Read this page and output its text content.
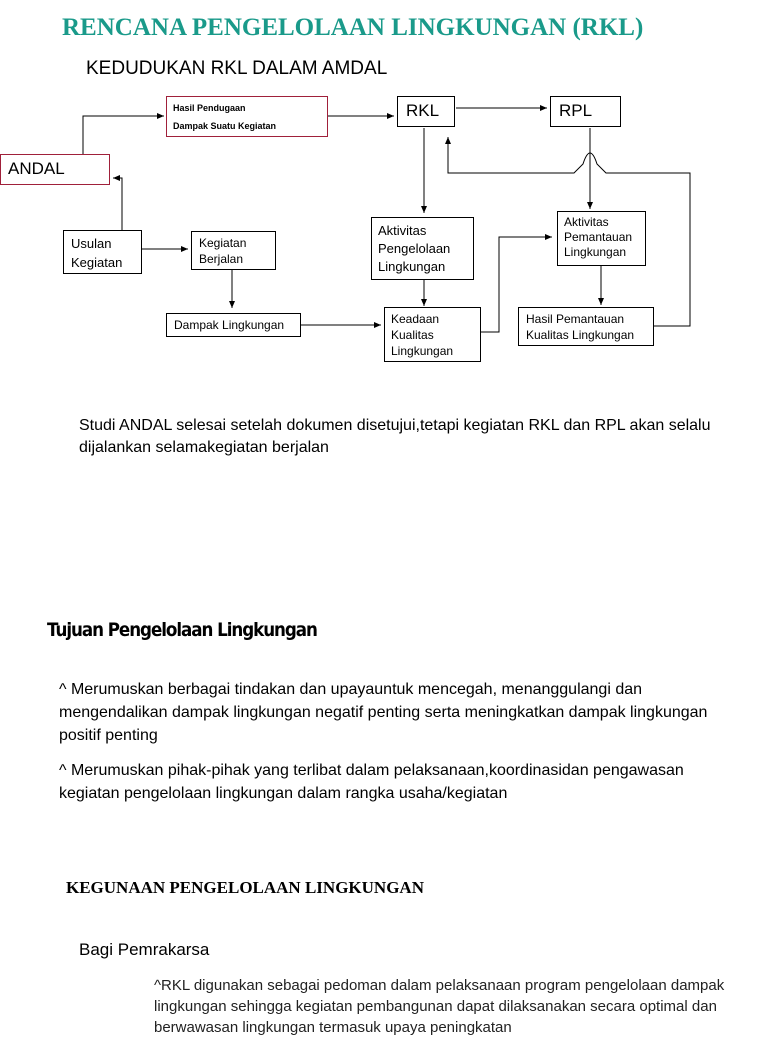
RENCANA PENGELOLAAN LINGKUNGAN (RKL)
KEDUDUKAN RKL DALAM AMDAL
Hasil Pendugaan
Dampak Suatu Kegiatan
ANDAL
RKL	RPL
Usulan
Kegiatan
Kegiatan
Berjalan
Dampak Lingkungan
Aktivitas
Pengelolaan
Lingkungan
Keadaan
Kualitas
Lingkungan
Aktivitas
Pemantauan
Lingkungan
Hasil Pemantauan
Kualitas Lingkungan
Studi ANDAL selesai setelah dokumen disetujui,tetapi kegiatan RKL dan RPL akan selalu dijalankan selamakegiatan berjalan
Tujuan Pengelolaan Lingkungan
^ Merumuskan berbagai tindakan dan upayauntuk mencegah, menanggulangi dan mengendalikan dampak lingkungan negatif penting serta meningkatkan dampak lingkungan positif penting
^ Merumuskan pihak-pihak yang terlibat dalam pelaksanaan,koordinasidan pengawasan kegiatan pengelolaan lingkungan dalam rangka usaha/kegiatan
KEGUNAAN PENGELOLAAN LINGKUNGAN
Bagi Pemrakarsa
^RKL digunakan sebagai pedoman dalam pelaksanaan program pengelolaan dampak lingkungan sehingga kegiatan pembangunan dapat dilaksanakan secara optimal dan berwawasan lingkungan termasuk upaya peningkatan
